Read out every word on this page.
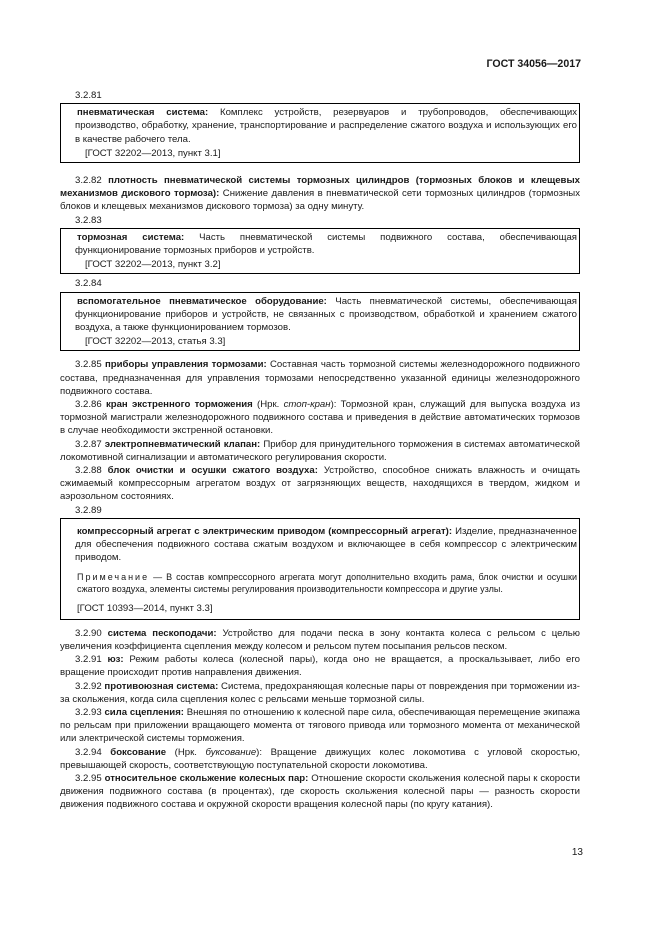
ГОСТ 34056—2017
3.2.81

пневматическая система: Комплекс устройств, резервуаров и трубопроводов, обеспечивающих производство, обработку, хранение, транспортирование и распределение сжатого воздуха и использующих его в качестве рабочего тела.

[ГОСТ 32202—2013, пункт 3.1]

3.2.82 плотность пневматической системы тормозных цилиндров (тормозных блоков и клещевых механизмов дискового тормоза): Снижение давления в пневматической сети тормозных цилиндров (тормозных блоков и клещевых механизмов дискового тормоза) за одну минуту.

3.2.83

тормозная система: Часть пневматической системы подвижного состава, обеспечивающая функционирование тормозных приборов и устройств.

[ГОСТ 32202—2013, пункт 3.2]

3.2.84

вспомогательное пневматическое оборудование: Часть пневматической системы, обеспечивающая функционирование приборов и устройств, не связанных с производством, обработкой и хранением сжатого воздуха, а также функционированием тормозов.

[ГОСТ 32202—2013, статья 3.3]

3.2.85 приборы управления тормозами: Составная часть тормозной системы железнодорожного подвижного состава, предназначенная для управления тормозами непосредственно указанной единицы железнодорожного подвижного состава.

3.2.86 кран экстренного торможения (Нрк. стоп-кран): Тормозной кран, служащий для выпуска воздуха из тормозной магистрали железнодорожного подвижного состава и приведения в действие автоматических тормозов в случае необходимости экстренной остановки.

3.2.87 электропневматический клапан: Прибор для принудительного торможения в системах автоматической локомотивной сигнализации и автоматического регулирования скорости.

3.2.88 блок очистки и осушки сжатого воздуха: Устройство, способное снижать влажность и очищать сжимаемый компрессорным агрегатом воздух от загрязняющих веществ, находящихся в твердом, жидком и аэрозольном состояниях.

3.2.89

компрессорный агрегат с электрическим приводом (компрессорный агрегат): Изделие, предназначенное для обеспечения подвижного состава сжатым воздухом и включающее в себя компрессор с электрическим приводом.

Примечание — В состав компрессорного агрегата могут дополнительно входить рама, блок очистки и осушки сжатого воздуха, элементы системы регулирования производительности компрессора и другие узлы.

[ГОСТ 10393—2014, пункт 3.3]

3.2.90 система пескоподачи: Устройство для подачи песка в зону контакта колеса с рельсом с целью увеличения коэффициента сцепления между колесом и рельсом путем посыпания рельсов песком.

3.2.91 юз: Режим работы колеса (колесной пары), когда оно не вращается, а проскальзывает, либо его вращение происходит против направления движения.

3.2.92 противоюзная система: Система, предохраняющая колесные пары от повреждения при торможении из-за скольжения, когда сила сцепления колес с рельсами меньше тормозной силы.

3.2.93 сила сцепления: Внешняя по отношению к колесной паре сила, обеспечивающая перемещение экипажа по рельсам при приложении вращающего момента от тягового привода или тормозного момента от механической или электрической системы торможения.

3.2.94 боксование (Нрк. буксование): Вращение движущих колес локомотива с угловой скоростью, превышающей скорость, соответствующую поступательной скорости локомотива.

3.2.95 относительное скольжение колесных пар: Отношение скорости скольжения колесной пары к скорости движения подвижного состава (в процентах), где скорость скольжения колесной пары — разность скорости движения подвижного состава и окружной скорости вращения колесной пары (по кругу катания).

13
